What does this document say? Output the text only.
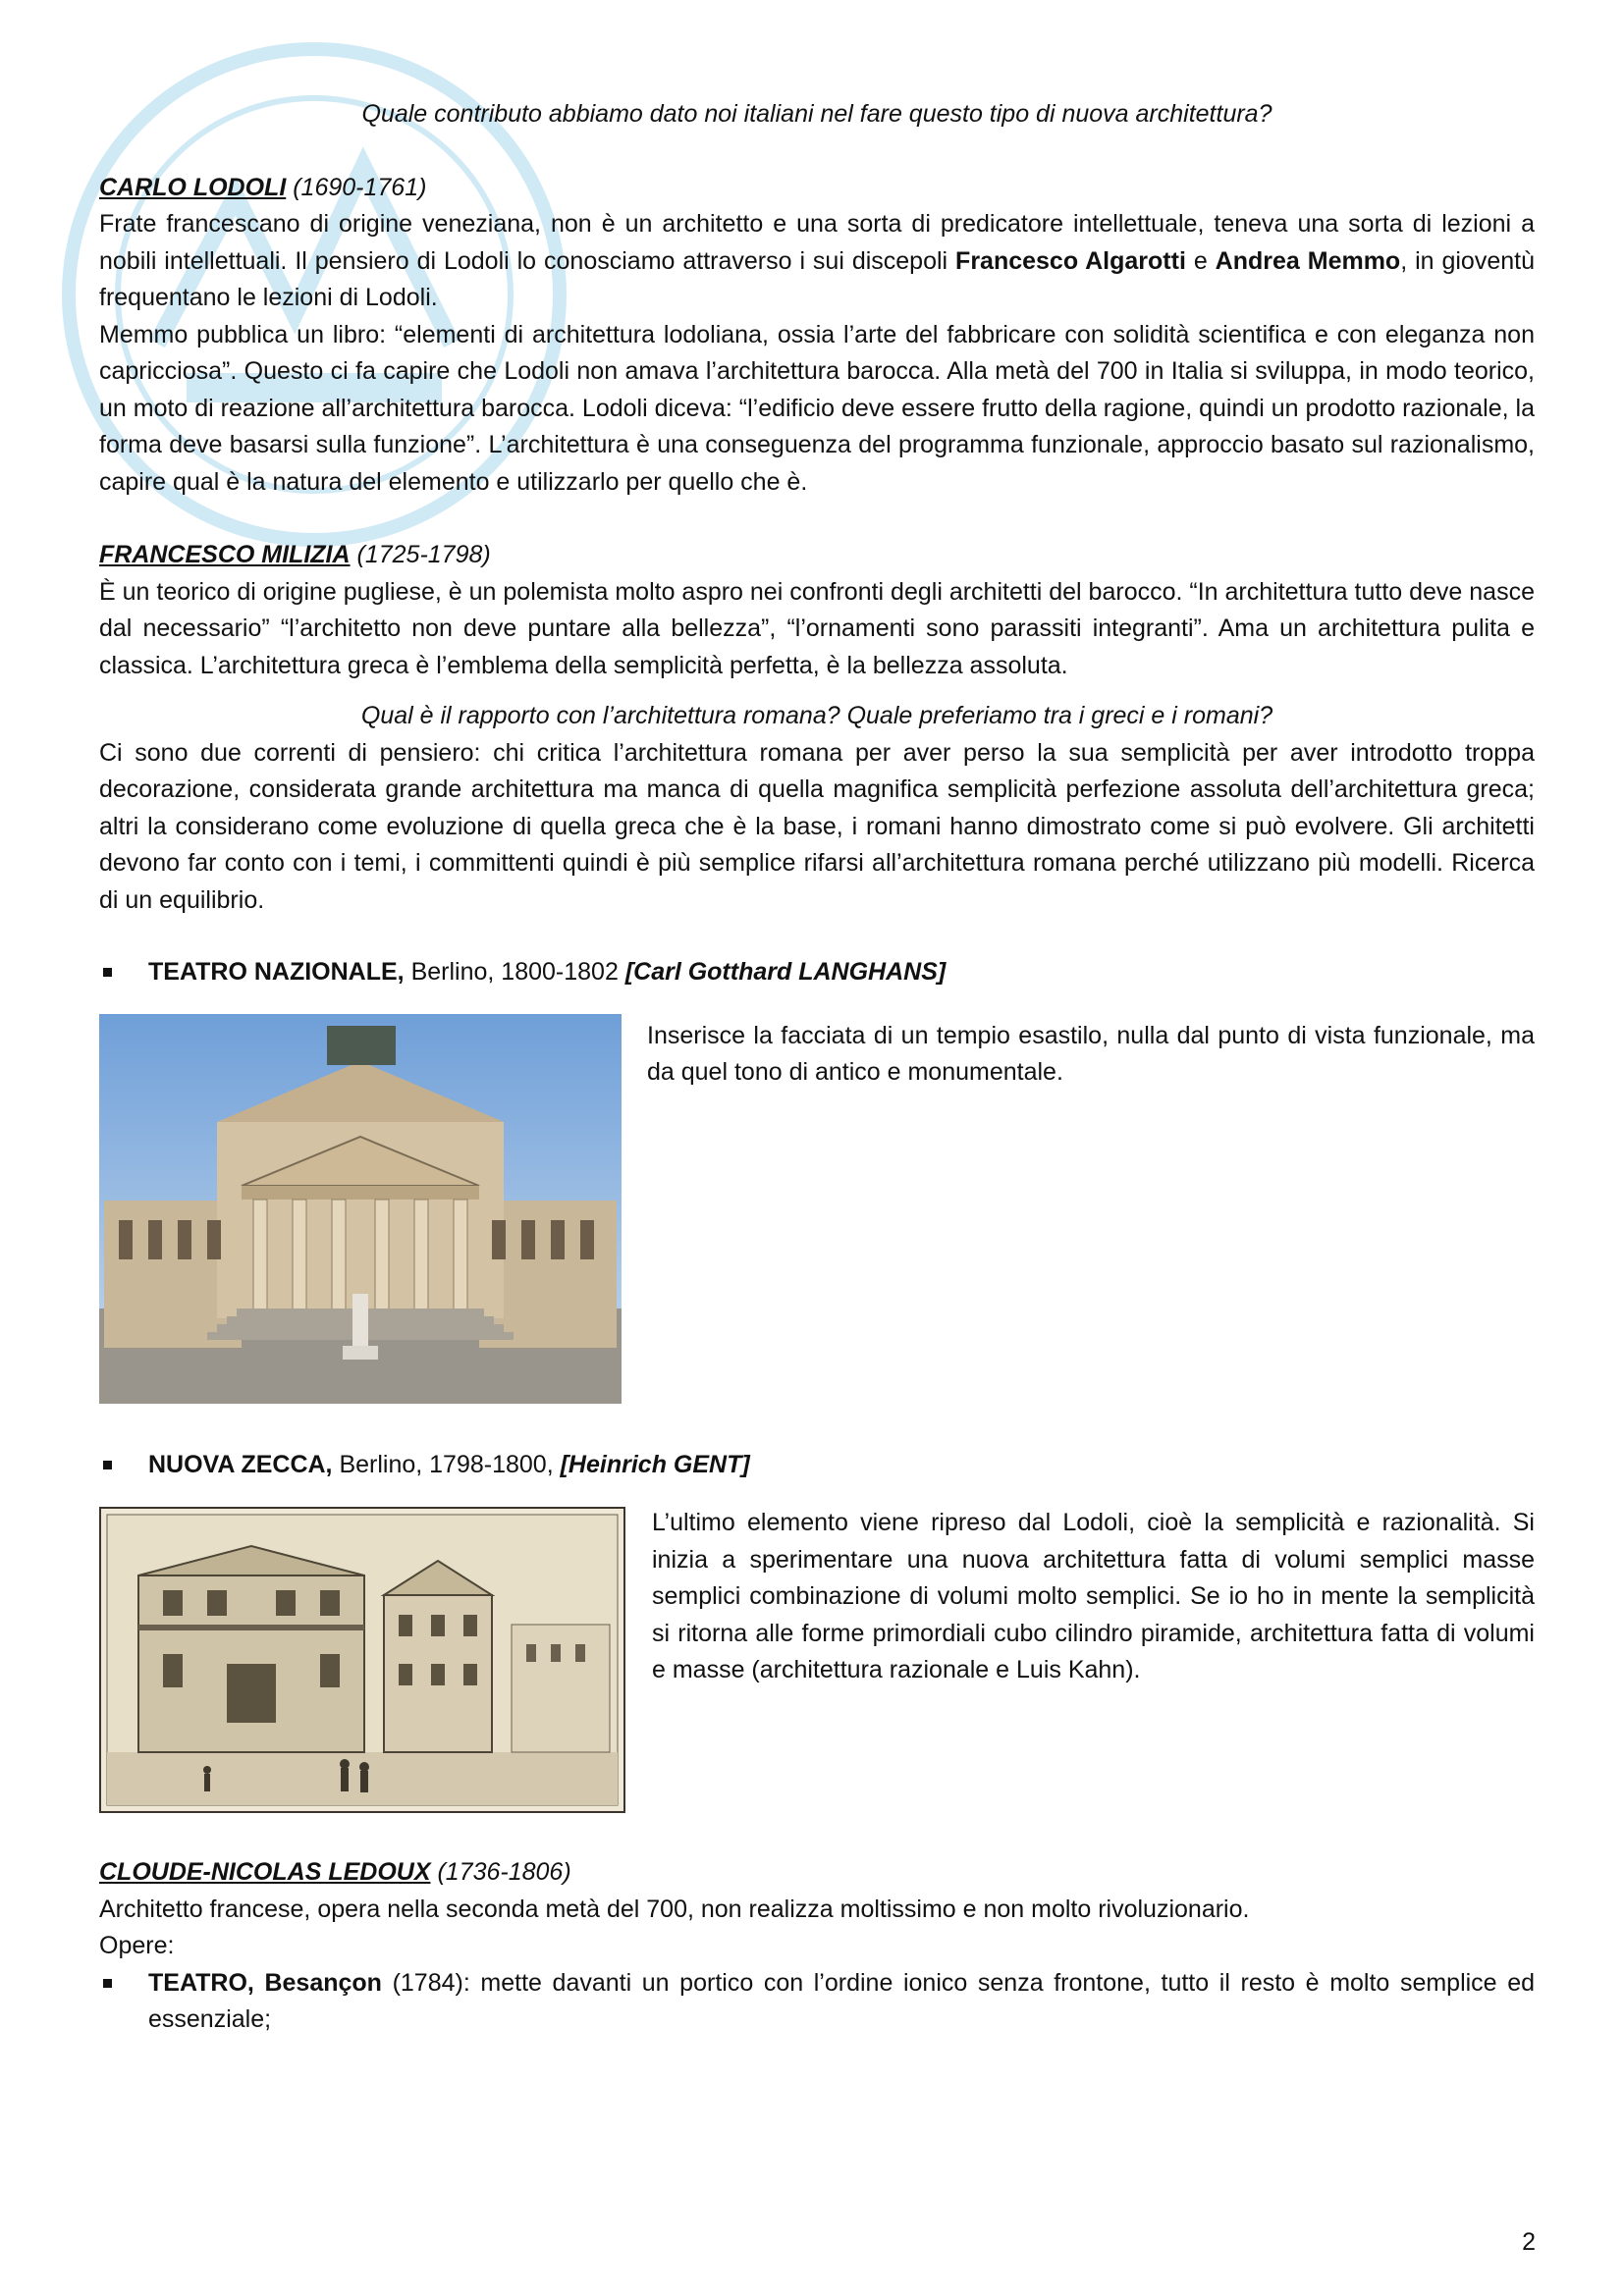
Quale contributo abbiamo dato noi italiani nel fare questo tipo di nuova architettura?

CARLO LODOLI (1690-1761)

Frate francescano di origine veneziana, non è un architetto e una sorta di predicatore intellettuale, teneva una sorta di lezioni a nobili intellettuali. Il pensiero di Lodoli lo conosciamo attraverso i sui discepoli Francesco Algarotti e Andrea Memmo, in gioventù frequentano le lezioni di Lodoli.

Memmo pubblica un libro: “elementi di architettura lodoliana, ossia l’arte del fabbricare con solidità scientifica e con eleganza non capricciosa”. Questo ci fa capire che Lodoli non amava l’architettura barocca. Alla metà del 700 in Italia si sviluppa, in modo teorico, un moto di reazione all’architettura barocca. Lodoli diceva: “l’edificio deve essere frutto della ragione, quindi un prodotto razionale, la forma deve basarsi sulla funzione”. L’architettura è una conseguenza del programma funzionale, approccio basato sul razionalismo, capire qual è la natura del elemento e utilizzarlo per quello che è.

FRANCESCO MILIZIA (1725-1798)

È un teorico di origine pugliese, è un polemista molto aspro nei confronti degli architetti del barocco. “In architettura tutto deve nasce dal necessario” “l’architetto non deve puntare alla bellezza”, “l’ornamenti sono parassiti integranti”. Ama un architettura pulita e classica. L’architettura greca è l’emblema della semplicità perfetta, è la bellezza assoluta.

Qual è il rapporto con l’architettura romana? Quale preferiamo tra i greci e i romani?

Ci sono due correnti di pensiero: chi critica l’architettura romana per aver perso la sua semplicità per aver introdotto troppa decorazione, considerata grande architettura ma manca di quella magnifica semplicità perfezione assoluta dell’architettura greca; altri la considerano come evoluzione di quella greca che è la base, i romani hanno dimostrato come si può evolvere. Gli architetti devono far conto con i temi, i committenti quindi è più semplice rifarsi all’architettura romana perché utilizzano più modelli. Ricerca di un equilibrio.

TEATRO NAZIONALE, Berlino, 1800-1802 [Carl Gotthard LANGHANS]

Inserisce la facciata di un tempio esastilo, nulla dal punto di vista funzionale, ma da quel tono di antico e monumentale.

NUOVA ZECCA, Berlino, 1798-1800, [Heinrich GENT]

L’ultimo elemento viene ripreso dal Lodoli, cioè la semplicità e razionalità. Si inizia a sperimentare una nuova architettura fatta di volumi semplici masse semplici combinazione di volumi molto semplici. Se io ho in mente la semplicità si ritorna alle forme primordiali cubo cilindro piramide, architettura fatta di volumi e masse (architettura razionale e Luis Kahn).

CLOUDE-NICOLAS LEDOUX (1736-1806)

Architetto francese, opera nella seconda metà del 700, non realizza moltissimo e non molto rivoluzionario.

Opere:

TEATRO, Besançon (1784): mette davanti un portico con l’ordine ionico senza frontone, tutto il resto è molto semplice ed essenziale;
2
